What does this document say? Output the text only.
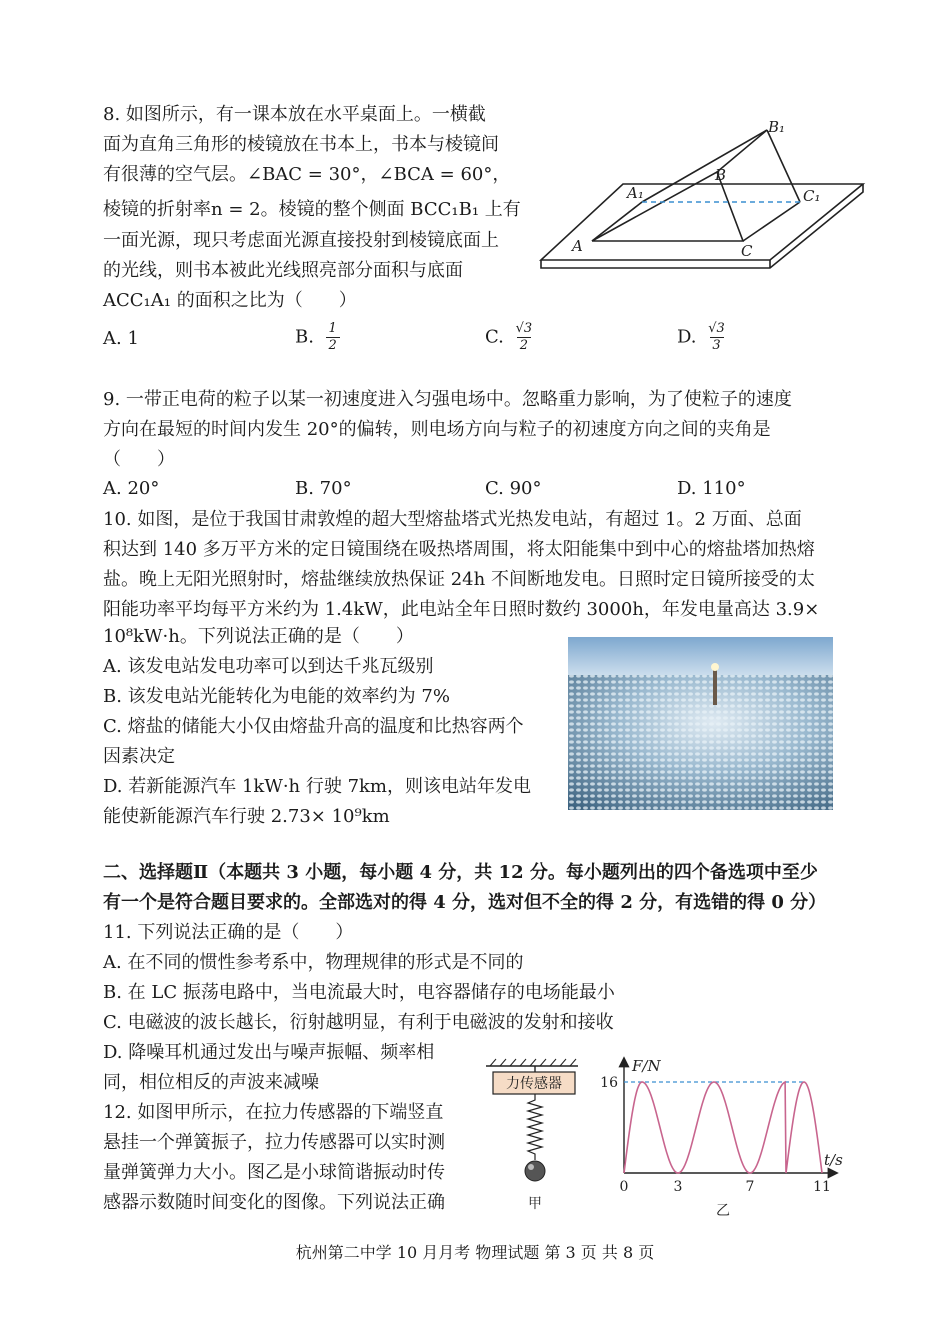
8. 如图所示，有一课本放在水平桌面上。一横截
面为直角三角形的棱镜放在书本上，书本与棱镜间
有很薄的空气层。∠BAC = 30°，∠BCA = 60°，
棱镜的折射率n = 2。棱镜的整个侧面 BCC₁B₁ 上有
一面光源，现只考虑面光源直接投射到棱镜底面上
的光线，则书本被此光线照亮部分面积与底面
ACC₁A₁ 的面积之比为（　　）
A. 1	B. $\frac{1}{2}$	C. $\frac{√3}{2}$	D. $\frac{√3}{3}$
B₁
B
A₁	C₁
A	C
9. 一带正电荷的粒子以某一初速度进入匀强电场中。忽略重力影响，为了使粒子的速度
方向在最短的时间内发生 20°的偏转，则电场方向与粒子的初速度方向之间的夹角是
（　　）
A. 20°	B. 70°	C. 90°	D. 110°
10. 如图，是位于我国甘肃敦煌的超大型熔盐塔式光热发电站，有超过 1。2 万面、总面
积达到 140 多万平方米的定日镜围绕在吸热塔周围，将太阳能集中到中心的熔盐塔加热熔
盐。晚上无阳光照射时，熔盐继续放热保证 24h 不间断地发电。日照时定日镜所接受的太
阳能功率平均每平方米约为 1.4kW，此电站全年日照时数约 3000h，年发电量高达 3.9×
10⁸kW·h。下列说法正确的是（　　）
A. 该发电站发电功率可以到达千兆瓦级别
B. 该发电站光能转化为电能的效率约为 7%
C. 熔盐的储能大小仅由熔盐升高的温度和比热容两个
因素决定
D. 若新能源汽车 1kW·h 行驶 7km，则该电站年发电
能使新能源汽车行驶 2.73× 10⁹km
二、选择题Ⅱ（本题共 3 小题，每小题 4 分，共 12 分。每小题列出的四个备选项中至少
有一个是符合题目要求的。全部选对的得 4 分，选对但不全的得 2 分，有选错的得 0 分）
11. 下列说法正确的是（　　）
A. 在不同的惯性参考系中，物理规律的形式是不同的
B. 在 LC 振荡电路中，当电流最大时，电容器储存的电场能最小
C. 电磁波的波长越长，衍射越明显，有利于电磁波的发射和接收
D. 降噪耳机通过发出与噪声振幅、频率相
同，相位相反的声波来减噪
12. 如图甲所示，在拉力传感器的下端竖直
悬挂一个弹簧振子，拉力传感器可以实时测
量弹簧弹力大小。图乙是小球简谐振动时传
感器示数随时间变化的图像。下列说法正确
力传感器
甲
0	3	7	11
16
F/N
t/s
乙
杭州第二中学 10 月月考 物理试题 第 3 页 共 8 页
